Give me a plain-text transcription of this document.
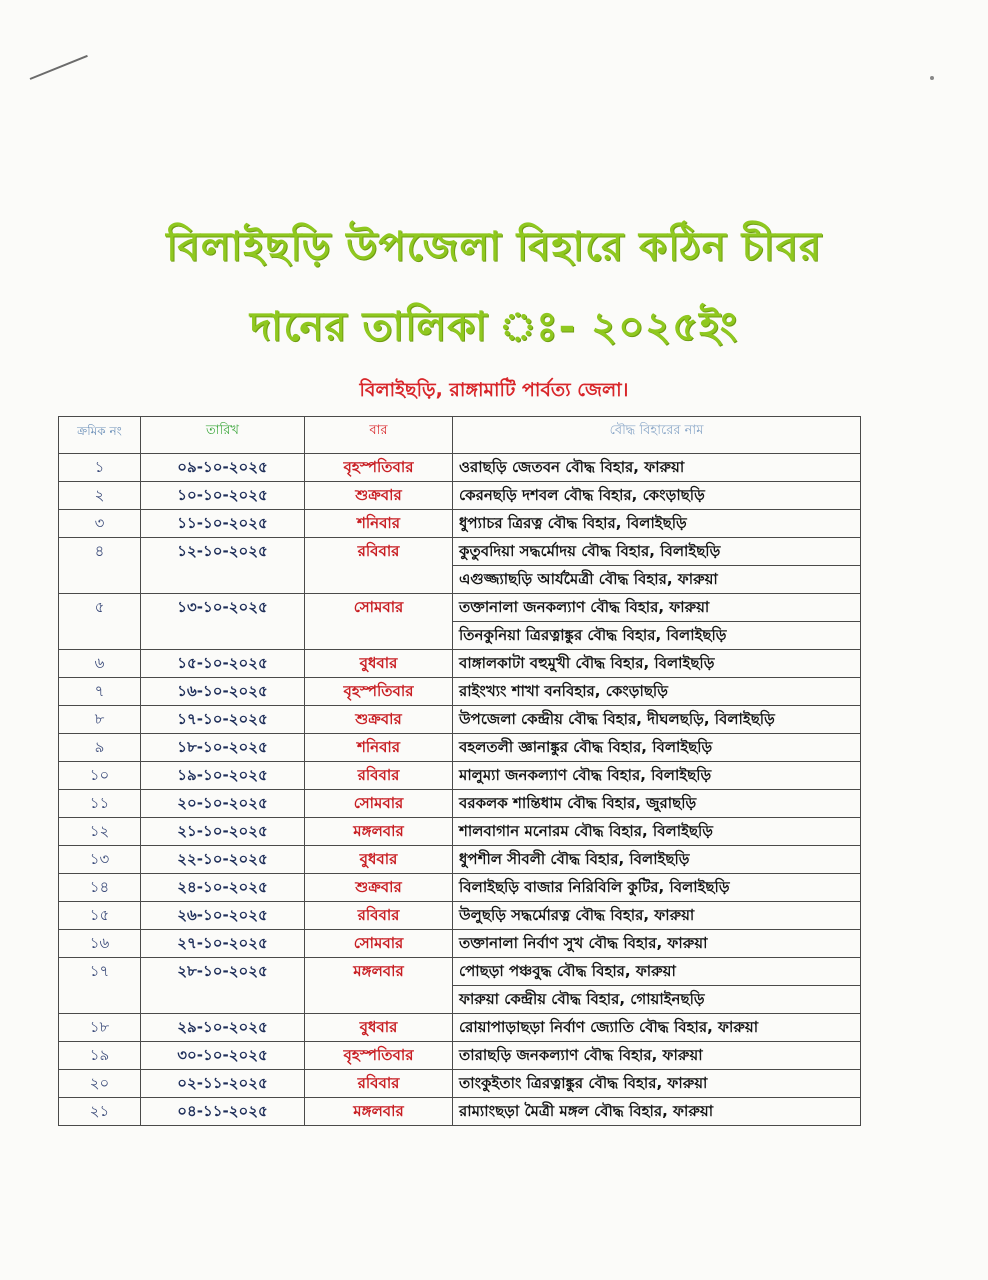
বিলাইছড়ি উপজেলা বিহারে কঠিন চীবর
দানের তালিকা ঃ- ২০২৫ইং
বিলাইছড়ি, রাঙ্গামাটি পার্বত্য জেলা।
ক্রমিক নং	তারিখ	বার	বৌদ্ধ বিহারের নাম
১	০৯-১০-২০২৫	বৃহস্পতিবার	ওরাছড়ি জেতবন বৌদ্ধ বিহার, ফারুয়া
২	১০-১০-২০২৫	শুক্রবার	কেরনছড়ি দশবল বৌদ্ধ বিহার, কেংড়াছড়ি
৩	১১-১০-২০২৫	শনিবার	ধুপ্যাচর ত্রিরত্ন বৌদ্ধ বিহার, বিলাইছড়ি
৪	১২-১০-২০২৫	রবিবার	কুতুবদিয়া সদ্ধর্মোদয় বৌদ্ধ বিহার, বিলাইছড়ি
			এগুজ্জ্যাছড়ি আর্যমৈত্রী বৌদ্ধ বিহার, ফারুয়া
৫	১৩-১০-২০২৫	সোমবার	তক্তানালা জনকল্যাণ বৌদ্ধ বিহার, ফারুয়া
			তিনকুনিয়া ত্রিরত্নাঙ্কুর বৌদ্ধ বিহার, বিলাইছড়ি
৬	১৫-১০-২০২৫	বুধবার	বাঙ্গালকাটা বহুমুখী বৌদ্ধ বিহার, বিলাইছড়ি
৭	১৬-১০-২০২৫	বৃহস্পতিবার	রাইংখ্যং শাখা বনবিহার, কেংড়াছড়ি
৮	১৭-১০-২০২৫	শুক্রবার	উপজেলা কেন্দ্রীয় বৌদ্ধ বিহার, দীঘলছড়ি, বিলাইছড়ি
৯	১৮-১০-২০২৫	শনিবার	বহলতলী জ্ঞানাঙ্কুর বৌদ্ধ বিহার, বিলাইছড়ি
১০	১৯-১০-২০২৫	রবিবার	মালুম্যা জনকল্যাণ বৌদ্ধ বিহার, বিলাইছড়ি
১১	২০-১০-২০২৫	সোমবার	বরকলক শান্তিধাম বৌদ্ধ বিহার, জুরাছড়ি
১২	২১-১০-২০২৫	মঙ্গলবার	শালবাগান মনোরম বৌদ্ধ বিহার, বিলাইছড়ি
১৩	২২-১০-২০২৫	বুধবার	ধুপশীল সীবলী বৌদ্ধ বিহার, বিলাইছড়ি
১৪	২৪-১০-২০২৫	শুক্রবার	বিলাইছড়ি বাজার নিরিবিলি কুটির, বিলাইছড়ি
১৫	২৬-১০-২০২৫	রবিবার	উলুছড়ি সদ্ধর্মোরত্ন বৌদ্ধ বিহার, ফারুয়া
১৬	২৭-১০-২০২৫	সোমবার	তক্তানালা নির্বাণ সুখ বৌদ্ধ বিহার, ফারুয়া
১৭	২৮-১০-২০২৫	মঙ্গলবার	পোছড়া পঞ্চবুদ্ধ বৌদ্ধ বিহার, ফারুয়া
			ফারুয়া কেন্দ্রীয় বৌদ্ধ বিহার, গোয়াইনছড়ি
১৮	২৯-১০-২০২৫	বুধবার	রোয়াপাড়াছড়া নির্বাণ জ্যোতি বৌদ্ধ বিহার, ফারুয়া
১৯	৩০-১০-২০২৫	বৃহস্পতিবার	তারাছড়ি জনকল্যাণ বৌদ্ধ বিহার, ফারুয়া
২০	০২-১১-২০২৫	রবিবার	তাংকুইতাং ত্রিরত্নাঙ্কুর বৌদ্ধ বিহার, ফারুয়া
২১	০৪-১১-২০২৫	মঙ্গলবার	রাম্যাংছড়া মৈত্রী মঙ্গল বৌদ্ধ বিহার, ফারুয়া
